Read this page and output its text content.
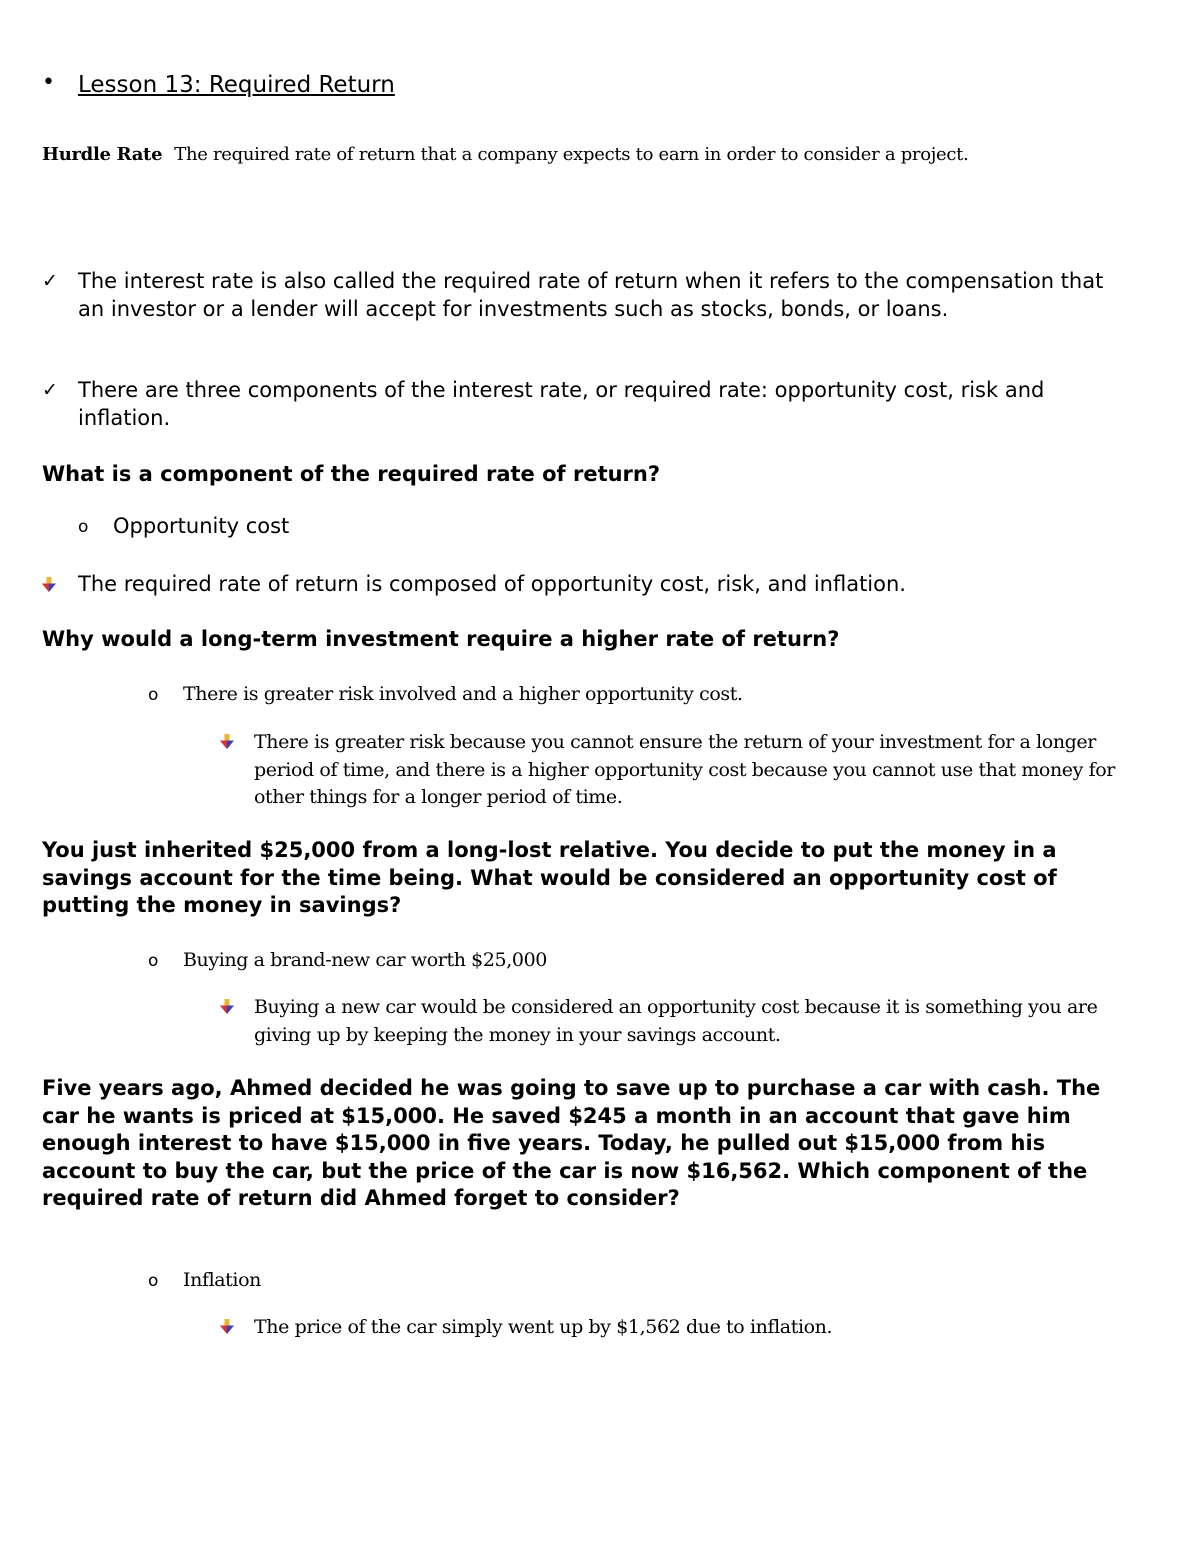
• Lesson 13: Required Return
Hurdle Rate The required rate of return that a company expects to earn in order to consider a project.
✓ The interest rate is also called the required rate of return when it refers to the compensation that an investor or a lender will accept for investments such as stocks, bonds, or loans.
✓ There are three components of the interest rate, or required rate: opportunity cost, risk and inflation.
What is a component of the required rate of return?
o Opportunity cost
The required rate of return is composed of opportunity cost, risk, and inflation.
Why would a long-term investment require a higher rate of return?
o There is greater risk involved and a higher opportunity cost.
There is greater risk because you cannot ensure the return of your investment for a longer period of time, and there is a higher opportunity cost because you cannot use that money for other things for a longer period of time.
You just inherited $25,000 from a long-lost relative. You decide to put the money in a savings account for the time being. What would be considered an opportunity cost of putting the money in savings?
o Buying a brand-new car worth $25,000
Buying a new car would be considered an opportunity cost because it is something you are giving up by keeping the money in your savings account.
Five years ago, Ahmed decided he was going to save up to purchase a car with cash. The car he wants is priced at $15,000. He saved $245 a month in an account that gave him enough interest to have $15,000 in five years. Today, he pulled out $15,000 from his account to buy the car, but the price of the car is now $16,562. Which component of the required rate of return did Ahmed forget to consider?
o Inflation
The price of the car simply went up by $1,562 due to inflation.
